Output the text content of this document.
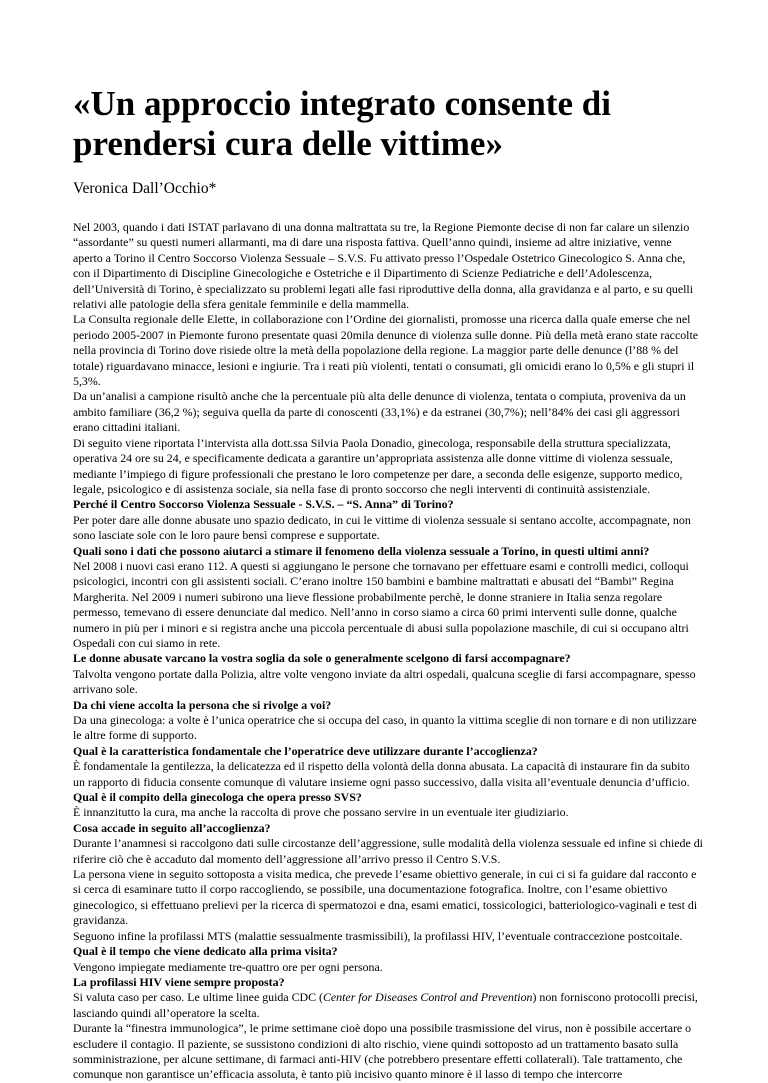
«Un approccio integrato consente di prendersi cura delle vittime»

Veronica Dall’Occhio*

Nel 2003, quando i dati ISTAT parlavano di una donna maltrattata su tre, la Regione Piemonte decise di non far calare un silenzio “assordante” su questi numeri allarmanti, ma di dare una risposta fattiva. Quell’anno quindi, insieme ad altre iniziative, venne aperto a Torino il Centro Soccorso Violenza Sessuale – S.V.S. Fu attivato presso l’Ospedale Ostetrico Ginecologico S. Anna che, con il Dipartimento di Discipline Ginecologiche e Ostetriche e il Dipartimento di Scienze Pediatriche e dell’Adolescenza, dell’Università di Torino, è specializzato su problemi legati alle fasi riproduttive della donna, alla gravidanza e al parto, e su quelli relativi alle patologie della sfera genitale femminile e della mammella.

La Consulta regionale delle Elette, in collaborazione con l’Ordine dei giornalisti, promosse una ricerca dalla quale emerse che nel periodo 2005-2007 in Piemonte furono presentate quasi 20mila denunce di violenza sulle donne. Più della metà erano state raccolte nella provincia di Torino dove risiede oltre la metà della popolazione della regione. La maggior parte delle denunce (l’88 % del totale) riguardavano minacce, lesioni e ingiurie. Tra i reati più violenti, tentati o consumati, gli omicidi erano lo 0,5% e gli stupri il 5,3%.

Da un’analisi a campione risultò anche che la percentuale più alta delle denunce di violenza, tentata o compiuta, proveniva da un ambito familiare (36,2 %); seguiva quella da parte di conoscenti (33,1%) e da estranei (30,7%); nell’84% dei casi gli aggressori erano cittadini italiani.

Di seguito viene riportata l’intervista alla dott.ssa Silvia Paola Donadio, ginecologa, responsabile della struttura specializzata, operativa 24 ore su 24, e specificamente dedicata a garantire un’appropriata assistenza alle donne vittime di violenza sessuale, mediante l’impiego di figure professionali che prestano le loro competenze per dare, a seconda delle esigenze, supporto medico, legale, psicologico e di assistenza sociale, sia nella fase di pronto soccorso che negli interventi di continuità assistenziale.

Perché il Centro Soccorso Violenza Sessuale - S.V.S. – “S. Anna” di Torino?

Per poter dare alle donne abusate uno spazio dedicato, in cui le vittime di violenza sessuale si sentano accolte, accompagnate, non sono lasciate sole con le loro paure bensì comprese e supportate.

Quali sono i dati che possono aiutarci a stimare il fenomeno della violenza sessuale a Torino, in questi ultimi anni?

Nel 2008 i nuovi casi erano 112. A questi si aggiungano le persone che tornavano per effettuare esami e controlli medici, colloqui psicologici, incontri con gli assistenti sociali. C’erano inoltre 150 bambini e bambine maltrattati e abusati del “Bambi” Regina Margherita. Nel 2009 i numeri subirono una lieve flessione probabilmente perchè, le donne straniere in Italia senza regolare permesso, temevano di essere denunciate dal medico. Nell’anno in corso siamo a circa 60 primi interventi sulle donne, qualche numero in più per i minori e si registra anche una piccola percentuale di abusi sulla popolazione maschile, di cui si occupano altri Ospedali con cui siamo in rete.

Le donne abusate varcano la vostra soglia da sole o generalmente scelgono di farsi accompagnare?

Talvolta vengono portate dalla Polizia, altre volte vengono inviate da altri ospedali, qualcuna sceglie di farsi accompagnare, spesso arrivano sole.

Da chi viene accolta la persona che si rivolge a voi?

Da una ginecologa: a volte è l’unica operatrice che si occupa del caso, in quanto la vittima sceglie di non tornare e di non utilizzare le altre forme di supporto.

Qual è la caratteristica fondamentale che l’operatrice deve utilizzare durante l’accoglienza?

È fondamentale la gentilezza, la delicatezza ed il rispetto della volontà della donna abusata. La capacità di instaurare fin da subito un rapporto di fiducia consente comunque di valutare insieme ogni passo successivo, dalla visita all’eventuale denuncia d’ufficio.

Qual è il compito della ginecologa che opera presso SVS?

È innanzitutto la cura, ma anche la raccolta di prove che possano servire in un eventuale iter giudiziario.

Cosa accade in seguito all’accoglienza?

Durante l’anamnesi si raccolgono dati sulle circostanze dell’aggressione, sulle modalità della violenza sessuale ed infine si chiede di riferire ciò che è accaduto dal momento dell’aggressione all’arrivo presso il Centro S.V.S.

La persona viene in seguito sottoposta a visita medica, che prevede l’esame obiettivo generale, in cui ci si fa guidare dal racconto e si cerca di esaminare tutto il corpo raccogliendo, se possibile, una documentazione fotografica. Inoltre, con l’esame obiettivo ginecologico, si effettuano prelievi per la ricerca di spermatozoi e dna, esami ematici, tossicologici, batteriologico-vaginali e test di gravidanza.

Seguono infine la profilassi MTS (malattie sessualmente trasmissibili), la profilassi HIV, l’eventuale contraccezione postcoitale.

Qual è il tempo che viene dedicato alla prima visita?

Vengono impiegate mediamente tre-quattro ore per ogni persona.

La profilassi HIV viene sempre proposta?

Si valuta caso per caso. Le ultime linee guida CDC (Center for Diseases Control and Prevention) non forniscono protocolli precisi, lasciando quindi all’operatore la scelta.

Durante la “finestra immunologica”, le prime settimane cioè dopo una possibile trasmissione del virus, non è possibile accertare o escludere il contagio. Il paziente, se sussistono condizioni di alto rischio, viene quindi sottoposto ad un trattamento basato sulla somministrazione, per alcune settimane, di farmaci anti-HIV (che potrebbero presentare effetti collaterali). Tale trattamento, che comunque non garantisce un’efficacia assoluta, è tanto più incisivo quanto minore è il lasso di tempo che intercorre
